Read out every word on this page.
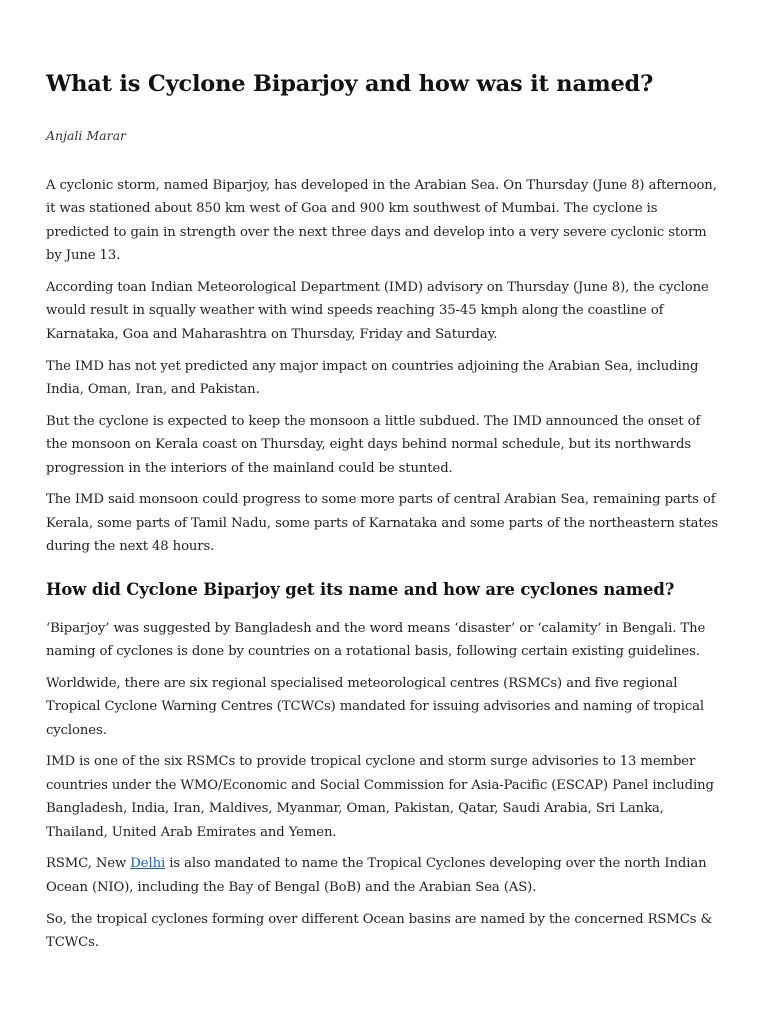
What is Cyclone Biparjoy and how was it named?

Anjali Marar

A cyclonic storm, named Biparjoy, has developed in the Arabian Sea. On Thursday (June 8) afternoon, it was stationed about 850 km west of Goa and 900 km southwest of Mumbai. The cyclone is predicted to gain in strength over the next three days and develop into a very severe cyclonic storm by June 13.

According toan Indian Meteorological Department (IMD) advisory on Thursday (June 8), the cyclone would result in squally weather with wind speeds reaching 35-45 kmph along the coastline of Karnataka, Goa and Maharashtra on Thursday, Friday and Saturday.

The IMD has not yet predicted any major impact on countries adjoining the Arabian Sea, including India, Oman, Iran, and Pakistan.

But the cyclone is expected to keep the monsoon a little subdued. The IMD announced the onset of the monsoon on Kerala coast on Thursday, eight days behind normal schedule, but its northwards progression in the interiors of the mainland could be stunted.

The IMD said monsoon could progress to some more parts of central Arabian Sea, remaining parts of Kerala, some parts of Tamil Nadu, some parts of Karnataka and some parts of the northeastern states during the next 48 hours.

How did Cyclone Biparjoy get its name and how are cyclones named?

‘Biparjoy’ was suggested by Bangladesh and the word means ‘disaster’ or ‘calamity’ in Bengali. The naming of cyclones is done by countries on a rotational basis, following certain existing guidelines.

Worldwide, there are six regional specialised meteorological centres (RSMCs) and five regional Tropical Cyclone Warning Centres (TCWCs) mandated for issuing advisories and naming of tropical cyclones.

IMD is one of the six RSMCs to provide tropical cyclone and storm surge advisories to 13 member countries under the WMO/Economic and Social Commission for Asia-Pacific (ESCAP) Panel including Bangladesh, India, Iran, Maldives, Myanmar, Oman, Pakistan, Qatar, Saudi Arabia, Sri Lanka, Thailand, United Arab Emirates and Yemen.

RSMC, New Delhi is also mandated to name the Tropical Cyclones developing over the north Indian Ocean (NIO), including the Bay of Bengal (BoB) and the Arabian Sea (AS).

So, the tropical cyclones forming over different Ocean basins are named by the concerned RSMCs & TCWCs.
